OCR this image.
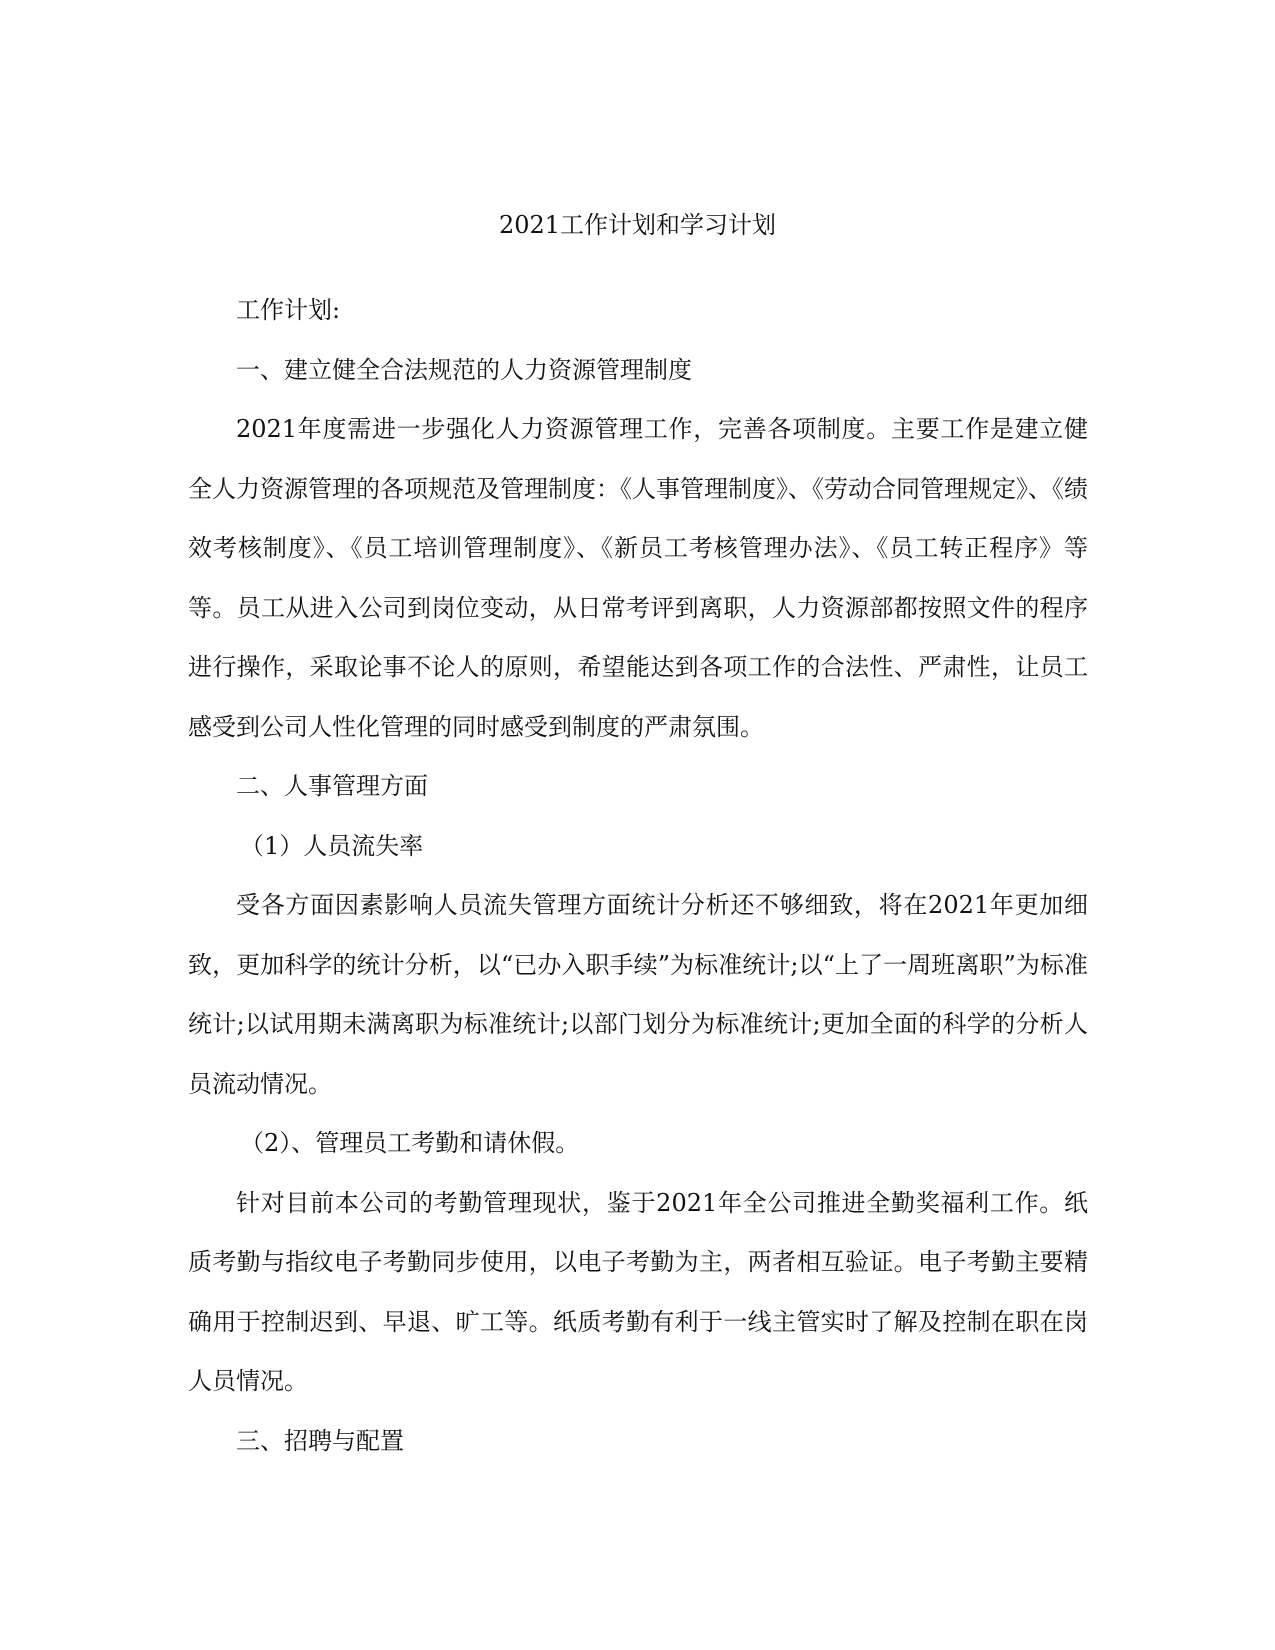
2021工作计划和学习计划

工作计划:

一、建立健全合法规范的人力资源管理制度

2021年度需进一步强化人力资源管理工作，完善各项制度。主要工作是建立健全人力资源管理的各项规范及管理制度：《人事管理制度》、《劳动合同管理规定》、《绩效考核制度》、《员工培训管理制度》、《新员工考核管理办法》、《员工转正程序》等等。员工从进入公司到岗位变动，从日常考评到离职，人力资源部都按照文件的程序进行操作，采取论事不论人的原则，希望能达到各项工作的合法性、严肃性，让员工感受到公司人性化管理的同时感受到制度的严肃氛围。

二、人事管理方面

（1）人员流失率

受各方面因素影响人员流失管理方面统计分析还不够细致，将在2021年更加细致，更加科学的统计分析，以“已办入职手续”为标准统计;以“上了一周班离职”为标准统计;以试用期未满离职为标准统计;以部门划分为标准统计;更加全面的科学的分析人员流动情况。

（2）、管理员工考勤和请休假。

针对目前本公司的考勤管理现状，鉴于2021年全公司推进全勤奖福利工作。纸质考勤与指纹电子考勤同步使用，以电子考勤为主，两者相互验证。电子考勤主要精确用于控制迟到、早退、旷工等。纸质考勤有利于一线主管实时了解及控制在职在岗人员情况。

三、招聘与配置
